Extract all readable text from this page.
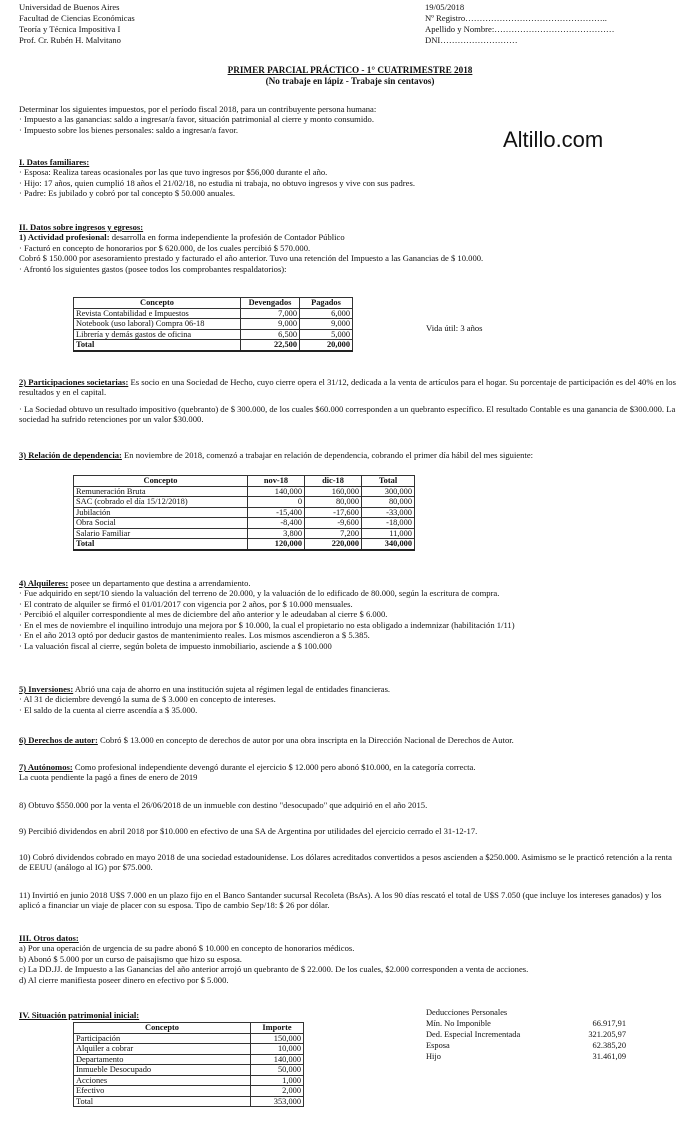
Universidad de Buenos Aires
Facultad de Ciencias Económicas
Teoría y Técnica Impositiva I
Prof. Cr. Rubén H. Malvitano
19/05/2018
Nº Registro…………………………………………..
Apellido y Nombre:……………………………………
DNI………………………
PRIMER PARCIAL PRÁCTICO - 1° CUATRIMESTRE 2018
(No trabaje en lápiz - Trabaje sin centavos)
Altillo.com

Determinar los siguientes impuestos, por el período fiscal 2018, para un contribuyente persona humana:

· Impuesto a las ganancias: saldo a ingresar/a favor, situación patrimonial al cierre y monto consumido.

· Impuesto sobre los bienes personales: saldo a ingresar/a favor.

I. Datos familiares:

· Esposa: Realiza tareas ocasionales por las que tuvo ingresos por $56,000 durante el año.

· Hijo: 17 años, quien cumplió 18 años el 21/02/18, no estudia ni trabaja, no obtuvo ingresos y vive con sus padres.

· Padre: Es jubilado y cobró por tal concepto $ 50.000 anuales.

II. Datos sobre ingresos y egresos:

1) Actividad profesional: desarrolla en forma independiente la profesión de Contador Público

· Facturó en concepto de honorarios por $ 620.000, de los cuales percibió $ 570.000.

Cobró $ 150.000 por asesoramiento prestado y facturado el año anterior. Tuvo una retención del Impuesto a las Ganancias de $ 10.000.

· Afrontó los siguientes gastos (posee todos los comprobantes respaldatorios):

Concepto	Devengados	Pagados
Revista Contabilidad e Impuestos	7,000	6,000
Notebook (uso laboral) Compra 06-18	9,000	9,000
Librería y demás gastos de oficina	6,500	5,000
Total	22,500	20,000
Vida útil: 3 años

2) Participaciones societarias: Es socio en una Sociedad de Hecho, cuyo cierre opera el 31/12, dedicada a la venta de artículos para el hogar. Su porcentaje de participación es del 40% en los resultados y en el capital.

· La Sociedad obtuvo un resultado impositivo (quebranto) de $ 300.000, de los cuales $60.000 corresponden a un quebranto específico. El resultado Contable es una ganancia de $300.000. La sociedad ha sufrido retenciones por un valor $30.000.

3) Relación de dependencia: En noviembre de 2018, comenzó a trabajar en relación de dependencia, cobrando el primer día hábil del mes siguiente:

Concepto	nov-18	dic-18	Total
Remuneración Bruta	140,000	160,000	300,000
SAC (cobrado el día 15/12/2018)	0	80,000	80,000
Jubilación	-15,400	-17,600	-33,000
Obra Social	-8,400	-9,600	-18,000
Salario Familiar	3,800	7,200	11,000
Total	120,000	220,000	340,000

4) Alquileres: posee un departamento que destina a arrendamiento.

· Fue adquirido en sept/10 siendo la valuación del terreno de 20.000, y la valuación de lo edificado de 80.000, según la escritura de compra.

· El contrato de alquiler se firmó el 01/01/2017 con vigencia por 2 años, por $ 10.000 mensuales.

· Percibió el alquiler correspondiente al mes de diciembre del año anterior y le adeudaban al cierre $ 6.000.

· En el mes de noviembre el inquilino introdujo una mejora por $ 10.000, la cual el propietario no esta obligado a indemnizar (habilitación 1/11)

· En el año 2013 optó por deducir gastos de mantenimiento reales. Los mismos ascendieron a $ 5.385.

· La valuación fiscal al cierre, según boleta de impuesto inmobiliario, asciende a $ 100.000

5) Inversiones: Abrió una caja de ahorro en una institución sujeta al régimen legal de entidades financieras.

· Al 31 de diciembre devengó la suma de $ 3.000 en concepto de intereses.

· El saldo de la cuenta al cierre ascendía a $ 35.000.

6) Derechos de autor: Cobró $ 13.000 en concepto de derechos de autor por una obra inscripta en la Dirección Nacional de Derechos de Autor.

7) Autónomos: Como profesional independiente devengó durante el ejercicio $ 12.000 pero abonó $10.000, en la categoría correcta.

La cuota pendiente la pagó a fines de enero de 2019

8) Obtuvo $550.000 por la venta el 26/06/2018 de un inmueble con destino "desocupado" que adquirió en el año 2015.
9) Percibió dividendos en abril 2018 por $10.000 en efectivo de una SA de Argentina por utilidades del ejercicio cerrado el 31-12-17.
10) Cobró dividendos cobrado en mayo 2018 de una sociedad estadounidense. Los dólares acreditados convertidos a pesos ascienden a $250.000. Asimismo se le practicó retención a la renta de EEUU (análogo al IG) por $75.000.
11) Invirtió en junio 2018 U$S 7.000 en un plazo fijo en el Banco Santander sucursal Recoleta (BsAs). A los 90 días rescató el total de U$S 7.050 (que incluye los intereses ganados) y los aplicó a financiar un viaje de placer con su esposa. Tipo de cambio Sep/18: $ 26 por dólar.

III. Otros datos:

a) Por una operación de urgencia de su padre abonó $ 10.000 en concepto de honorarios médicos.

b) Abonó $ 5.000 por un curso de paisajismo que hizo su esposa.

c) La DD.JJ. de Impuesto a las Ganancias del año anterior arrojó un quebranto de $ 22.000. De los cuales, $2.000 corresponden a venta de acciones.

d) Al cierre manifiesta poseer dinero en efectivo por $ 5.000.

IV. Situación patrimonial inicial:
Concepto	Importe
Participación	150,000
Alquiler a cobrar	10,000
Departamento	140,000
Inmueble Desocupado	50,000
Acciones	1,000
Efectivo	2,000
Total	353,000
Deducciones Personales
Mín. No Imponible	66.917,91
Ded. Especial Incrementada	321.205,97
Esposa	62.385,20
Hijo	31.461,09
